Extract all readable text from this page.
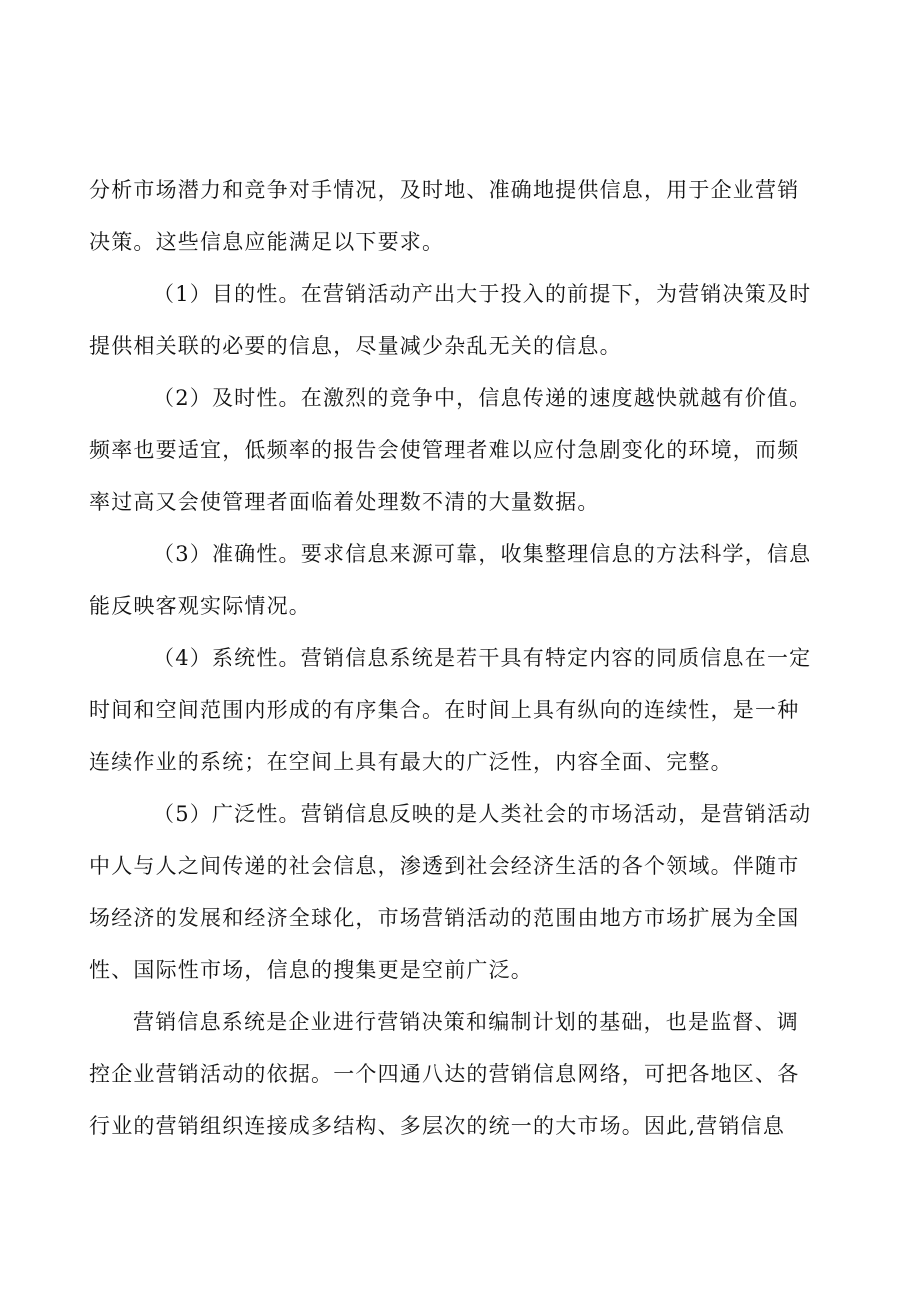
分析市场潜力和竞争对手情况，及时地、准确地提供信息，用于企业营销
决策。这些信息应能满足以下要求。
（1）目的性。在营销活动产出大于投入的前提下，为营销决策及时
提供相关联的必要的信息，尽量减少杂乱无关的信息。
（2）及时性。在激烈的竞争中，信息传递的速度越快就越有价值。
频率也要适宜，低频率的报告会使管理者难以应付急剧变化的环境，而频
率过高又会使管理者面临着处理数不清的大量数据。
（3）准确性。要求信息来源可靠，收集整理信息的方法科学，信息
能反映客观实际情况。
（4）系统性。营销信息系统是若干具有特定内容的同质信息在一定
时间和空间范围内形成的有序集合。在时间上具有纵向的连续性，是一种
连续作业的系统；在空间上具有最大的广泛性，内容全面、完整。
（5）广泛性。营销信息反映的是人类社会的市场活动，是营销活动
中人与人之间传递的社会信息，渗透到社会经济生活的各个领域。伴随市
场经济的发展和经济全球化，市场营销活动的范围由地方市场扩展为全国
性、国际性市场，信息的搜集更是空前广泛。
营销信息系统是企业进行营销决策和编制计划的基础，也是监督、调
控企业营销活动的依据。一个四通八达的营销信息网络，可把各地区、各
行业的营销组织连接成多结构、多层次的统一的大市场。因此,营销信息
